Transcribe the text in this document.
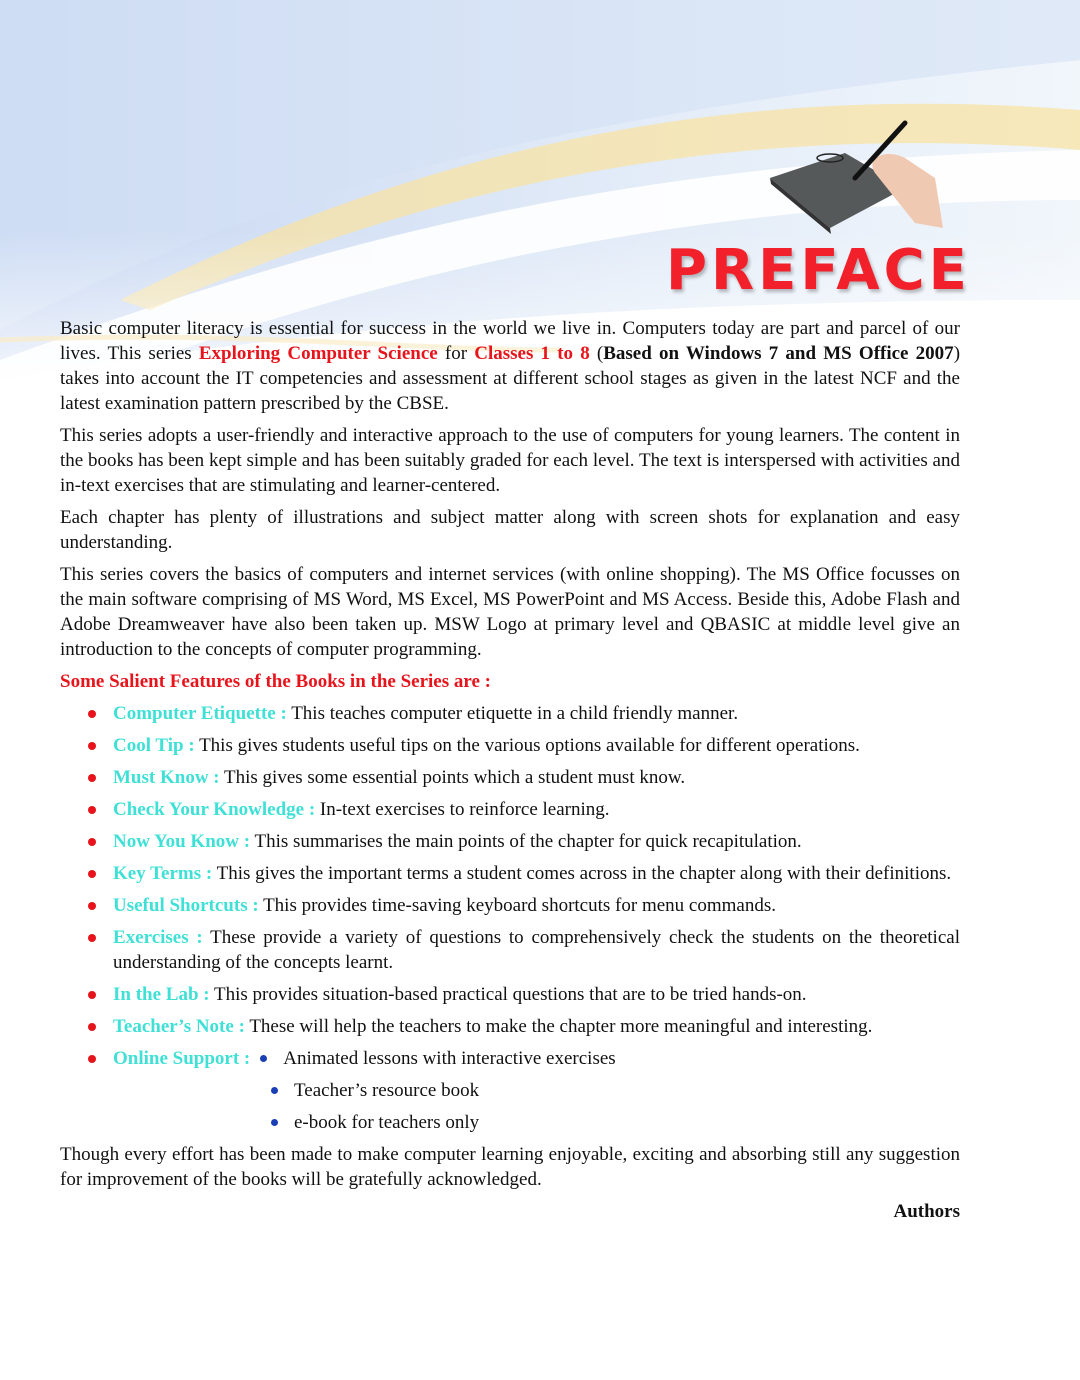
PREFACE

Basic computer literacy is essential for success in the world we live in. Computers today are part and parcel of our lives. This series Exploring Computer Science for Classes 1 to 8 (Based on Windows 7 and MS Office 2007) takes into account the IT competencies and assessment at different school stages as given in the latest NCF and the latest examination pattern prescribed by the CBSE.

This series adopts a user-friendly and interactive approach to the use of computers for young learners. The content in the books has been kept simple and has been suitably graded for each level. The text is interspersed with activities and in-text exercises that are stimulating and learner-centered.

Each chapter has plenty of illustrations and subject matter along with screen shots for explanation and easy understanding.

This series covers the basics of computers and internet services (with online shopping). The MS Office focusses on the main software comprising of MS Word, MS Excel, MS PowerPoint and MS Access. Beside this, Adobe Flash and Adobe Dreamweaver have also been taken up. MSW Logo at primary level and QBASIC at middle level give an introduction to the concepts of computer programming.

Some Salient Features of the Books in the Series are :
Computer Etiquette : This teaches computer etiquette in a child friendly manner.
Cool Tip : This gives students useful tips on the various options available for different operations.
Must Know : This gives some essential points which a student must know.
Check Your Knowledge : In-text exercises to reinforce learning.
Now You Know : This summarises the main points of the chapter for quick recapitulation.
Key Terms : This gives the important terms a student comes across in the chapter along with their definitions.
Useful Shortcuts : This provides time-saving keyboard shortcuts for menu commands.
Exercises : These provide a variety of questions to comprehensively check the students on the theoretical understanding of the concepts learnt.
In the Lab : This provides situation-based practical questions that are to be tried hands-on.
Teacher’s Note : These will help the teachers to make the chapter more meaningful and interesting.
Online Support : Animated lessons with interactive exercises
Teacher’s resource book
e-book for teachers only

Though every effort has been made to make computer learning enjoyable, exciting and absorbing still any suggestion for improvement of the books will be gratefully acknowledged.

Authors
